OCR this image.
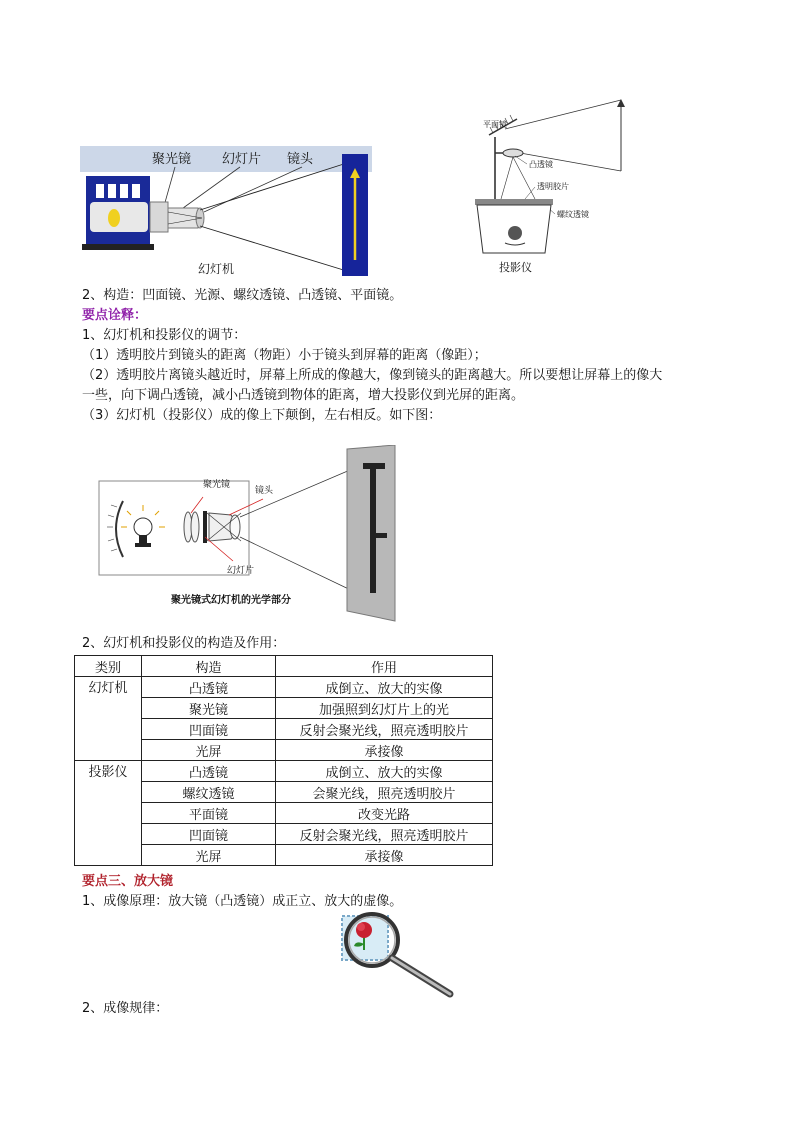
聚光镜 幻灯片 镜头
幻灯机
平面镜
凸透镜
透明胶片
螺纹透镜
投影仪
2、构造：凹面镜、光源、螺纹透镜、凸透镜、平面镜。
要点诠释：
1、幻灯机和投影仪的调节：
（1）透明胶片到镜头的距离（物距）小于镜头到屏幕的距离（像距）；
（2）透明胶片离镜头越近时，屏幕上所成的像越大，像到镜头的距离越大。所以要想让屏幕上的像大
一些，向下调凸透镜，减小凸透镜到物体的距离，增大投影仪到光屏的距离。
（3）幻灯机（投影仪）成的像上下颠倒，左右相反。如下图：
聚光镜
镜头
幻灯片
聚光镜式幻灯机的光学部分
2、幻灯机和投影仪的构造及作用：
类别	构造	作用
幻灯机	凸透镜	成倒立、放大的实像
	聚光镜	加强照到幻灯片上的光
	凹面镜	反射会聚光线，照亮透明胶片
	光屏	承接像
投影仪	凸透镜	成倒立、放大的实像
	螺纹透镜	会聚光线，照亮透明胶片
	平面镜	改变光路
	凹面镜	反射会聚光线，照亮透明胶片
	光屏	承接像
要点三、放大镜
1、成像原理：放大镜（凸透镜）成正立、放大的虚像。
2、成像规律：
